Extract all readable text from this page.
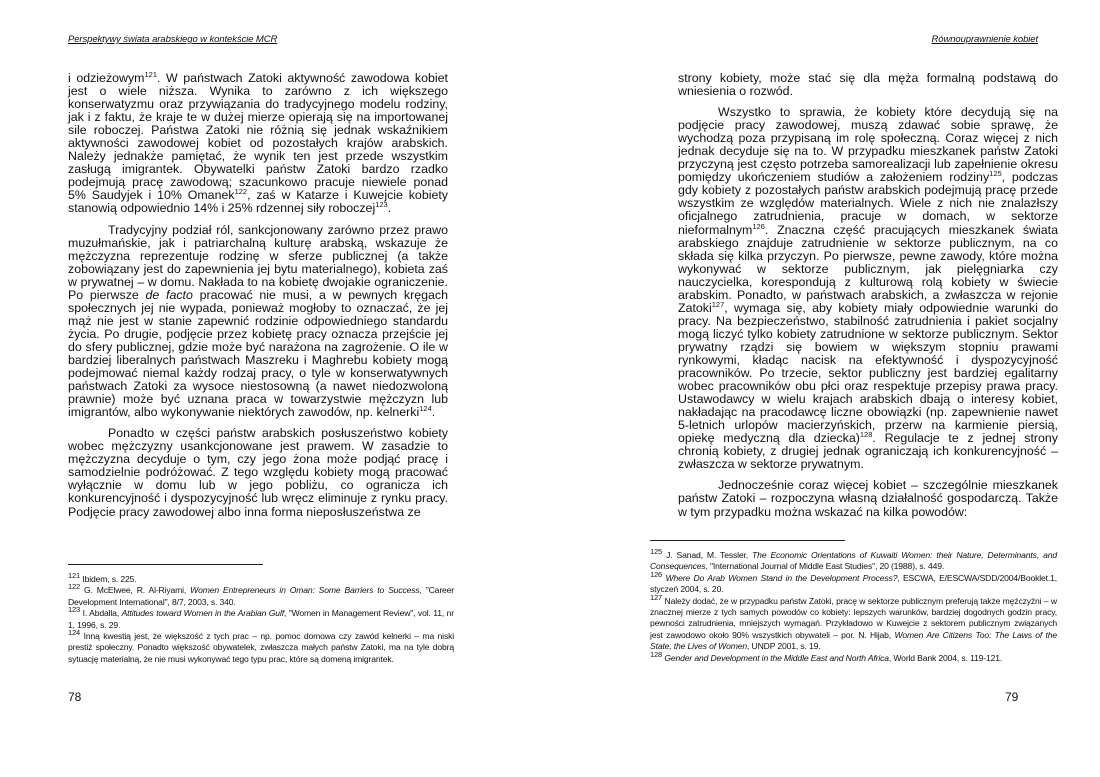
Perspektywy świata arabskiego w kontekście MCR

i odzieżowym$^{121}$. W państwach Zatoki aktywność zawodowa kobiet jest o wiele niższa. Wynika to zarówno z ich większego konserwatyzmu oraz przywiązania do tradycyjnego modelu rodziny, jak i z faktu, że kraje te w dużej mierze opierają się na importowanej sile roboczej. Państwa Zatoki nie różnią się jednak wskaźnikiem aktywności zawodowej kobiet od pozostałych krajów arabskich. Należy jednakże pamiętać, że wynik ten jest przede wszystkim zasługą imigrantek. Obywatelki państw Zatoki bardzo rzadko podejmują pracę zawodową; szacunkowo pracuje niewiele ponad 5% Saudyjek i 10% Omanek$^{122}$, zaś w Katarze i Kuwejcie kobiety stanowią odpowiednio 14% i 25% rdzennej siły roboczej$^{123}$.

Tradycyjny podział ról, sankcjonowany zarówno przez prawo muzułmańskie, jak i patriarchalną kulturę arabską, wskazuje że mężczyzna reprezentuje rodzinę w sferze publicznej (a także zobowiązany jest do zapewnienia jej bytu materialnego), kobieta zaś w prywatnej – w domu. Nakłada to na kobietę dwojakie ograniczenie. Po pierwsze de facto pracować nie musi, a w pewnych kręgach społecznych jej nie wypada, ponieważ mogłoby to oznaczać, że jej mąż nie jest w stanie zapewnić rodzinie odpowiedniego standardu życia. Po drugie, podjęcie przez kobietę pracy oznacza przejście jej do sfery publicznej, gdzie może być narażona na zagrożenie. O ile w bardziej liberalnych państwach Maszreku i Maghrebu kobiety mogą podejmować niemal każdy rodzaj pracy, o tyle w konserwatywnych państwach Zatoki za wysoce niestosowną (a nawet niedozwoloną prawnie) może być uznana praca w towarzystwie mężczyzn lub imigrantów, albo wykonywanie niektórych zawodów, np. kelnerki$^{124}$.

Ponadto w części państw arabskich posłuszeństwo kobiety wobec mężczyzny usankcjonowane jest prawem. W zasadzie to mężczyzna decyduje o tym, czy jego żona może podjąć pracę i samodzielnie podróżować. Z tego względu kobiety mogą pracować wyłącznie w domu lub w jego pobliżu, co ogranicza ich konkurencyjność i dyspozycyjność lub wręcz eliminuje z rynku pracy. Podjęcie pracy zawodowej albo inna forma nieposłuszeństwa ze

$^{121}$ Ibidem, s. 225.

$^{122}$ G. McElwee, R. Al-Riyami, Women Entrepreneurs in Oman: Some Barriers to Success, "Career Development International", 8/7, 2003, s. 340.

$^{123}$ I. Abdalla, Attitudes toward Women in the Arabian Gulf, "Women in Management Review", vol. 11, nr 1, 1996, s. 29.

$^{124}$ Inną kwestią jest, że większość z tych prac – np. pomoc domowa czy zawód kelnerki – ma niski prestiż społeczny. Ponadto większość obywatelek, zwłaszcza małych państw Zatoki, ma na tyle dobrą sytuację materialną, że nie musi wykonywać tego typu prac, które są domeną imigrantek.

78
Równouprawnienie kobiet

strony kobiety, może stać się dla męża formalną podstawą do wniesienia o rozwód.

Wszystko to sprawia, że kobiety które decydują się na podjęcie pracy zawodowej, muszą zdawać sobie sprawę, że wychodzą poza przypisaną im rolę społeczną. Coraz więcej z nich jednak decyduje się na to. W przypadku mieszkanek państw Zatoki przyczyną jest często potrzeba samorealizacji lub zapełnienie okresu pomiędzy ukończeniem studiów a założeniem rodziny$^{125}$, podczas gdy kobiety z pozostałych państw arabskich podejmują pracę przede wszystkim ze względów materialnych. Wiele z nich nie znalazłszy oficjalnego zatrudnienia, pracuje w domach, w sektorze nieformalnym$^{126}$. Znaczna część pracujących mieszkanek świata arabskiego znajduje zatrudnienie w sektorze publicznym, na co składa się kilka przyczyn. Po pierwsze, pewne zawody, które można wykonywać w sektorze publicznym, jak pielęgniarka czy nauczycielka, korespondują z kulturową rolą kobiety w świecie arabskim. Ponadto, w państwach arabskich, a zwłaszcza w rejonie Zatoki$^{127}$, wymaga się, aby kobiety miały odpowiednie warunki do pracy. Na bezpieczeństwo, stabilność zatrudnienia i pakiet socjalny mogą liczyć tylko kobiety zatrudnione w sektorze publicznym. Sektor prywatny rządzi się bowiem w większym stopniu prawami rynkowymi, kładąc nacisk na efektywność i dyspozycyjność pracowników. Po trzecie, sektor publiczny jest bardziej egalitarny wobec pracowników obu płci oraz respektuje przepisy prawa pracy. Ustawodawcy w wielu krajach arabskich dbają o interesy kobiet, nakładając na pracodawcę liczne obowiązki (np. zapewnienie nawet 5-letnich urlopów macierzyńskich, przerw na karmienie piersią, opiekę medyczną dla dziecka)$^{128}$. Regulacje te z jednej strony chronią kobiety, z drugiej jednak ograniczają ich konkurencyjność – zwłaszcza w sektorze prywatnym.

Jednocześnie coraz więcej kobiet – szczególnie mieszkanek państw Zatoki – rozpoczyna własną działalność gospodarczą. Także w tym przypadku można wskazać na kilka powodów:

$^{125}$ J. Sanad, M. Tessler, The Economic Orientations of Kuwaiti Women: their Nature, Determinants, and Consequences, "International Journal of Middle East Studies", 20 (1988), s. 449.

$^{126}$ Where Do Arab Women Stand in the Development Process?, ESCWA, E/ESCWA/SDD/2004/Booklet.1, styczeń 2004, s. 20.

$^{127}$ Należy dodać, że w przypadku państw Zatoki, pracę w sektorze publicznym preferują także mężczyźni – w znacznej mierze z tych samych powodów co kobiety: lepszych warunków, bardziej dogodnych godzin pracy, pewności zatrudnienia, mniejszych wymagań. Przykładowo w Kuwejcie z sektorem publicznym związanych jest zawodowo około 90% wszystkich obywateli – por. N. Hijab, Women Are Citizens Too: The Laws of the State, the Lives of Women, UNDP 2001, s. 19.

$^{128}$ Gender and Development in the Middle East and North Africa, World Bank 2004, s. 119-121.

79
